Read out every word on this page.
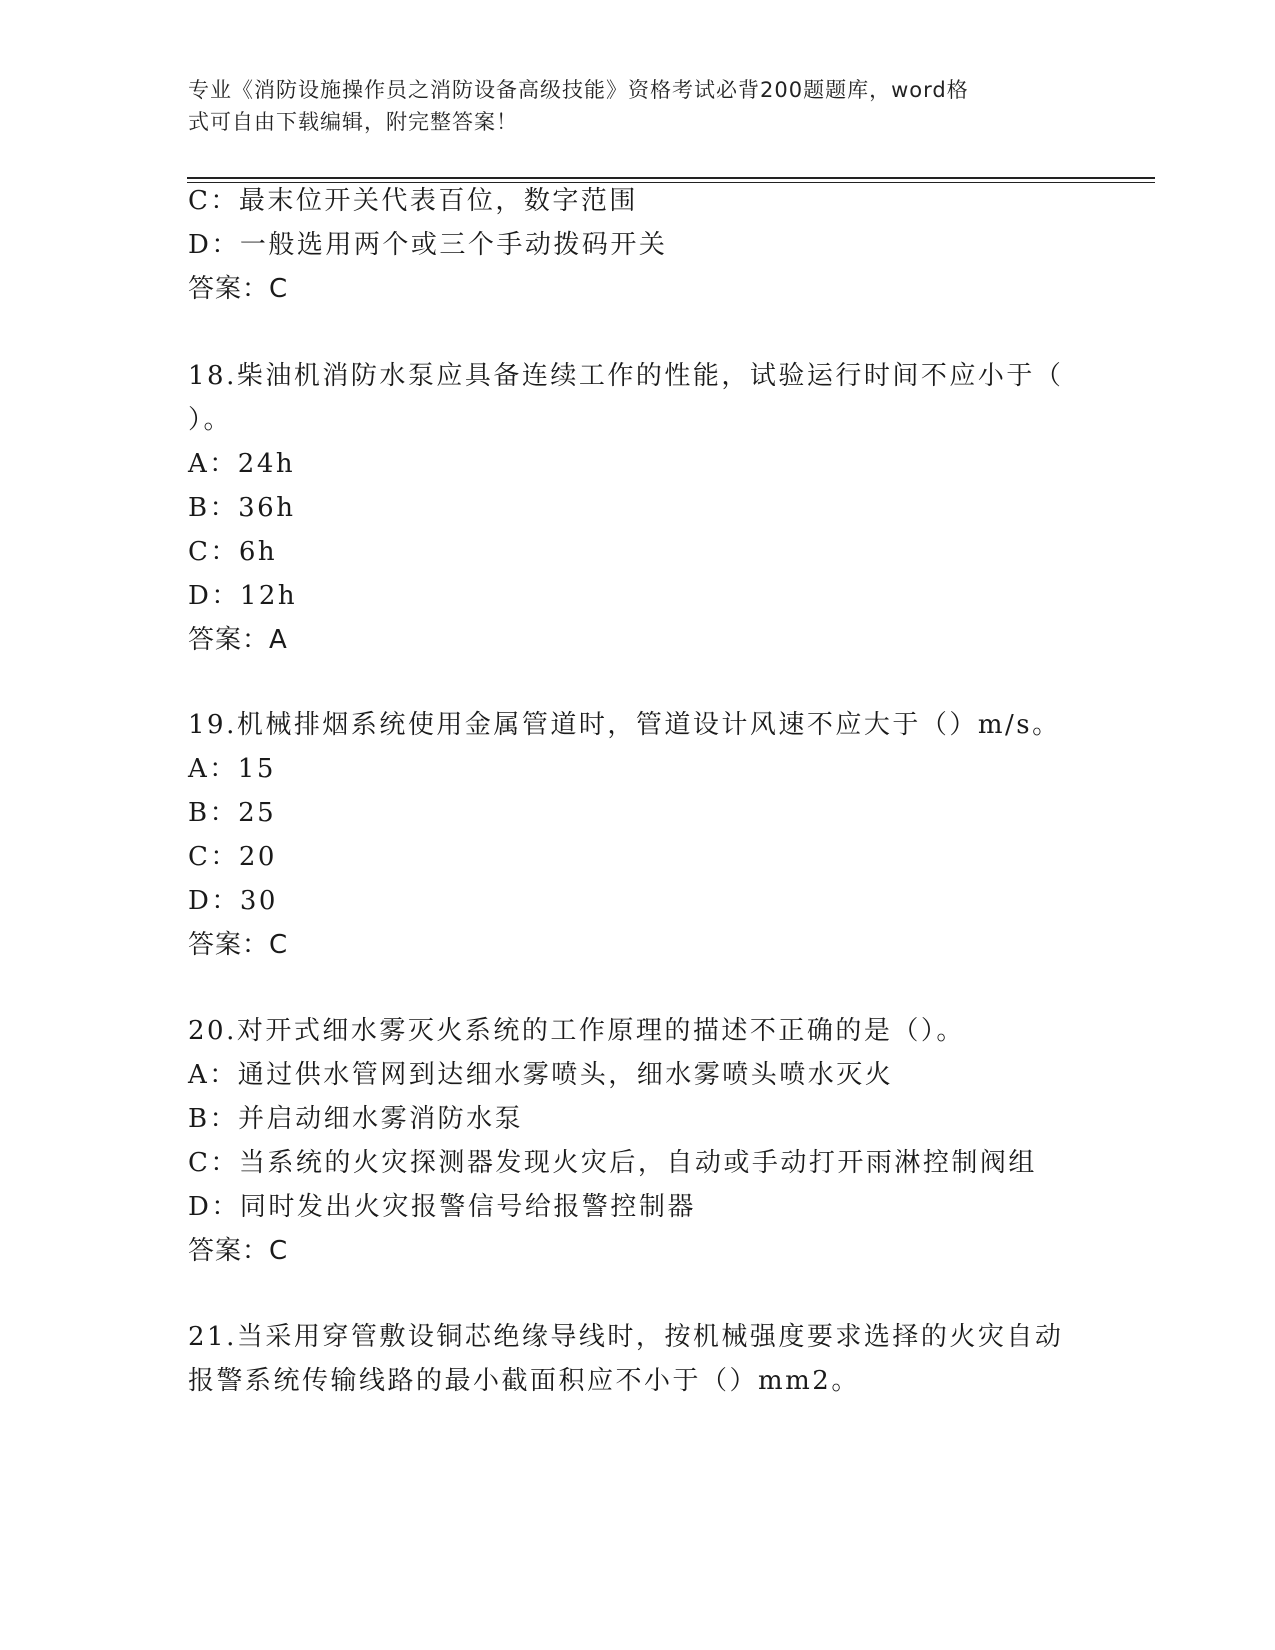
专业《消防设施操作员之消防设备高级技能》资格考试必背200题题库，word格
式可自由下载编辑，附完整答案！
C：最末位开关代表百位，数字范围
D：一般选用两个或三个手动拨码开关
答案：C
18.柴油机消防水泵应具备连续工作的性能，试验运行时间不应小于（
）。
A：24h
B：36h
C：6h
D：12h
答案：A
19.机械排烟系统使用金属管道时，管道设计风速不应大于（）m/s。
A：15
B：25
C：20
D：30
答案：C
20.对开式细水雾灭火系统的工作原理的描述不正确的是（）。
A：通过供水管网到达细水雾喷头，细水雾喷头喷水灭火
B：并启动细水雾消防水泵
C：当系统的火灾探测器发现火灾后，自动或手动打开雨淋控制阀组
D：同时发出火灾报警信号给报警控制器
答案：C
21.当采用穿管敷设铜芯绝缘导线时，按机械强度要求选择的火灾自动
报警系统传输线路的最小截面积应不小于（）mm2。
